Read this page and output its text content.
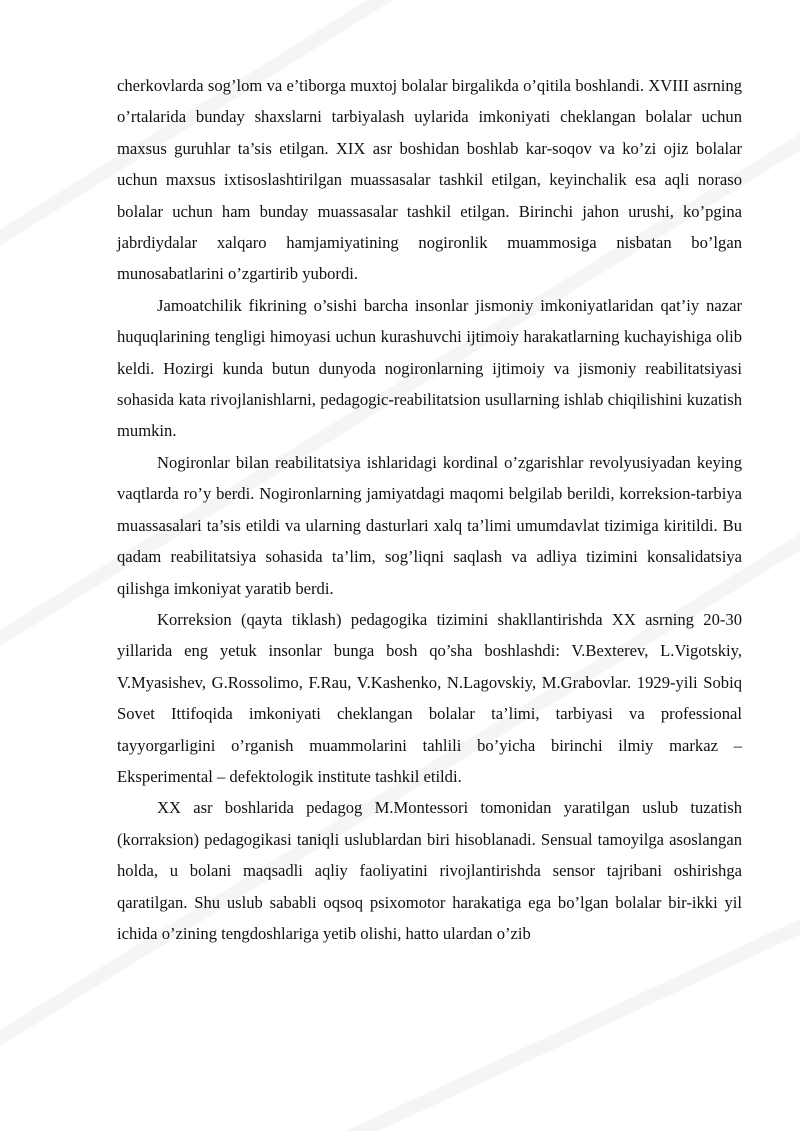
cherkovlarda sog’lom va e’tiborga muxtoj bolalar birgalikda o’qitila boshlandi. XVIII asrning o’rtalarida bunday shaxslarni tarbiyalash uylarida imkoniyati cheklangan bolalar uchun maxsus guruhlar ta’sis etilgan. XIX asr boshidan boshlab kar-soqov va ko’zi ojiz bolalar uchun maxsus ixtisoslashtirilgan muassasalar tashkil etilgan, keyinchalik esa aqli noraso bolalar uchun ham bunday muassasalar tashkil etilgan. Birinchi jahon urushi, ko’pgina jabrdiydalar xalqaro hamjamiyatining nogironlik muammosiga nisbatan bo’lgan munosabatlarini o’zgartirib yubordi.

Jamoatchilik fikrining o’sishi barcha insonlar jismoniy imkoniyatlaridan qat’iy nazar huquqlarining tengligi himoyasi uchun kurashuvchi ijtimoiy harakatlarning kuchayishiga olib keldi. Hozirgi kunda butun dunyoda nogironlarning ijtimoiy va jismoniy reabilitatsiyasi sohasida kata rivojlanishlarni, pedagogic-reabilitatsion usullarning ishlab chiqilishini kuzatish mumkin.

Nogironlar bilan reabilitatsiya ishlaridagi kordinal o’zgarishlar revolyusiyadan keying vaqtlarda ro’y berdi. Nogironlarning jamiyatdagi maqomi belgilab berildi, korreksion-tarbiya muassasalari ta’sis etildi va ularning dasturlari xalq ta’limi umumdavlat tizimiga kiritildi. Bu qadam reabilitatsiya sohasida ta’lim, sog’liqni saqlash va adliya tizimini konsalidatsiya qilishga imkoniyat yaratib berdi.

Korreksion (qayta tiklash) pedagogika tizimini shakllantirishda XX asrning 20-30 yillarida eng yetuk insonlar bunga bosh qo’sha boshlashdi: V.Bexterev, L.Vigotskiy, V.Myasishev, G.Rossolimo, F.Rau, V.Kashenko, N.Lagovskiy, M.Grabovlar. 1929-yili Sobiq Sovet Ittifoqida imkoniyati cheklangan bolalar ta’limi, tarbiyasi va professional tayyorgarligini o’rganish muammolarini tahlili bo’yicha birinchi ilmiy markaz – Eksperimental – defektologik institute tashkil etildi.

XX asr boshlarida pedagog M.Montessori tomonidan yaratilgan uslub tuzatish (korraksion) pedagogikasi taniqli uslublardan biri hisoblanadi. Sensual tamoyilga asoslangan holda, u bolani maqsadli aqliy faoliyatini rivojlantirishda sensor tajribani oshirishga qaratilgan. Shu uslub sababli oqsoq psixomotor harakatiga ega bo’lgan bolalar bir-ikki yil ichida o’zining tengdoshlariga yetib olishi, hatto ulardan o’zib
